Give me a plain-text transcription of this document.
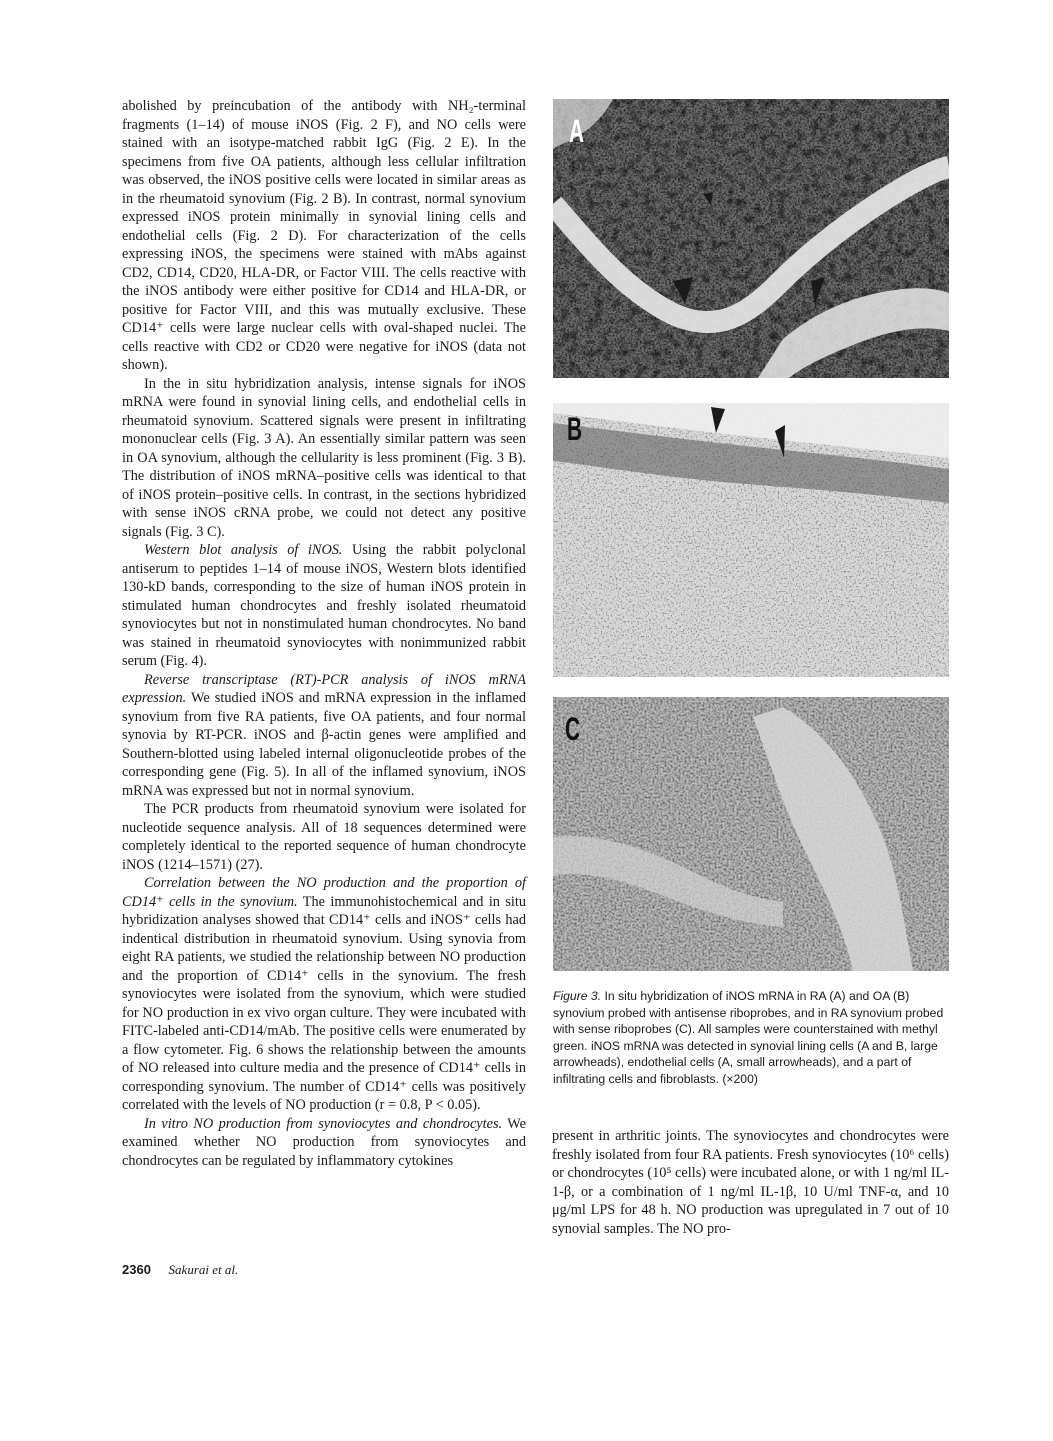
abolished by preincubation of the antibody with NH₂-terminal fragments (1–14) of mouse iNOS (Fig. 2 F), and NO cells were stained with an isotype-matched rabbit IgG (Fig. 2 E). In the specimens from five OA patients, although less cellular infiltration was observed, the iNOS positive cells were located in similar areas as in the rheumatoid synovium (Fig. 2 B). In contrast, normal synovium expressed iNOS protein minimally in synovial lining cells and endothelial cells (Fig. 2 D). For characterization of the cells expressing iNOS, the specimens were stained with mAbs against CD2, CD14, CD20, HLA-DR, or Factor VIII. The cells reactive with the iNOS antibody were either positive for CD14 and HLA-DR, or positive for Factor VIII, and this was mutually exclusive. These CD14⁺ cells were large nuclear cells with oval-shaped nuclei. The cells reactive with CD2 or CD20 were negative for iNOS (data not shown).

In the in situ hybridization analysis, intense signals for iNOS mRNA were found in synovial lining cells, and endothelial cells in rheumatoid synovium. Scattered signals were present in infiltrating mononuclear cells (Fig. 3 A). An essentially similar pattern was seen in OA synovium, although the cellularity is less prominent (Fig. 3 B). The distribution of iNOS mRNA–positive cells was identical to that of iNOS protein–positive cells. In contrast, in the sections hybridized with sense iNOS cRNA probe, we could not detect any positive signals (Fig. 3 C).

Western blot analysis of iNOS. Using the rabbit polyclonal antiserum to peptides 1–14 of mouse iNOS, Western blots identified 130-kD bands, corresponding to the size of human iNOS protein in stimulated human chondrocytes and freshly isolated rheumatoid synoviocytes but not in nonstimulated human chondrocytes. No band was stained in rheumatoid synoviocytes with nonimmunized rabbit serum (Fig. 4).

Reverse transcriptase (RT)-PCR analysis of iNOS mRNA expression. We studied iNOS and mRNA expression in the inflamed synovium from five RA patients, five OA patients, and four normal synovia by RT-PCR. iNOS and β-actin genes were amplified and Southern-blotted using labeled internal oligonucleotide probes of the corresponding gene (Fig. 5). In all of the inflamed synovium, iNOS mRNA was expressed but not in normal synovium.

The PCR products from rheumatoid synovium were isolated for nucleotide sequence analysis. All of 18 sequences determined were completely identical to the reported sequence of human chondrocyte iNOS (1214–1571) (27).

Correlation between the NO production and the proportion of CD14⁺ cells in the synovium. The immunohistochemical and in situ hybridization analyses showed that CD14⁺ cells and iNOS⁺ cells had indentical distribution in rheumatoid synovium. Using synovia from eight RA patients, we studied the relationship between NO production and the proportion of CD14⁺ cells in the synovium. The fresh synoviocytes were isolated from the synovium, which were studied for NO production in ex vivo organ culture. They were incubated with FITC-labeled anti-CD14/mAb. The positive cells were enumerated by a flow cytometer. Fig. 6 shows the relationship between the amounts of NO released into culture media and the presence of CD14⁺ cells in corresponding synovium. The number of CD14⁺ cells was positively correlated with the levels of NO production (r = 0.8, P < 0.05).

In vitro NO production from synoviocytes and chondrocytes. We examined whether NO production from synoviocytes and chondrocytes can be regulated by inflammatory cytokines

A
B
C
Figure 3. In situ hybridization of iNOS mRNA in RA (A) and OA (B) synovium probed with antisense riboprobes, and in RA synovium probed with sense riboprobes (C). All samples were counterstained with methyl green. iNOS mRNA was detected in synovial lining cells (A and B, large arrowheads), endothelial cells (A, small arrowheads), and a part of infiltrating cells and fibroblasts. (×200)

present in arthritic joints. The synoviocytes and chondrocytes were freshly isolated from four RA patients. Fresh synoviocytes (10⁶ cells) or chondrocytes (10⁵ cells) were incubated alone, or with 1 ng/ml IL-1-β, or a combination of 1 ng/ml IL-1β, 10 U/ml TNF-α, and 10 μg/ml LPS for 48 h. NO production was upregulated in 7 out of 10 synovial samples. The NO pro-

2360 Sakurai et al.
